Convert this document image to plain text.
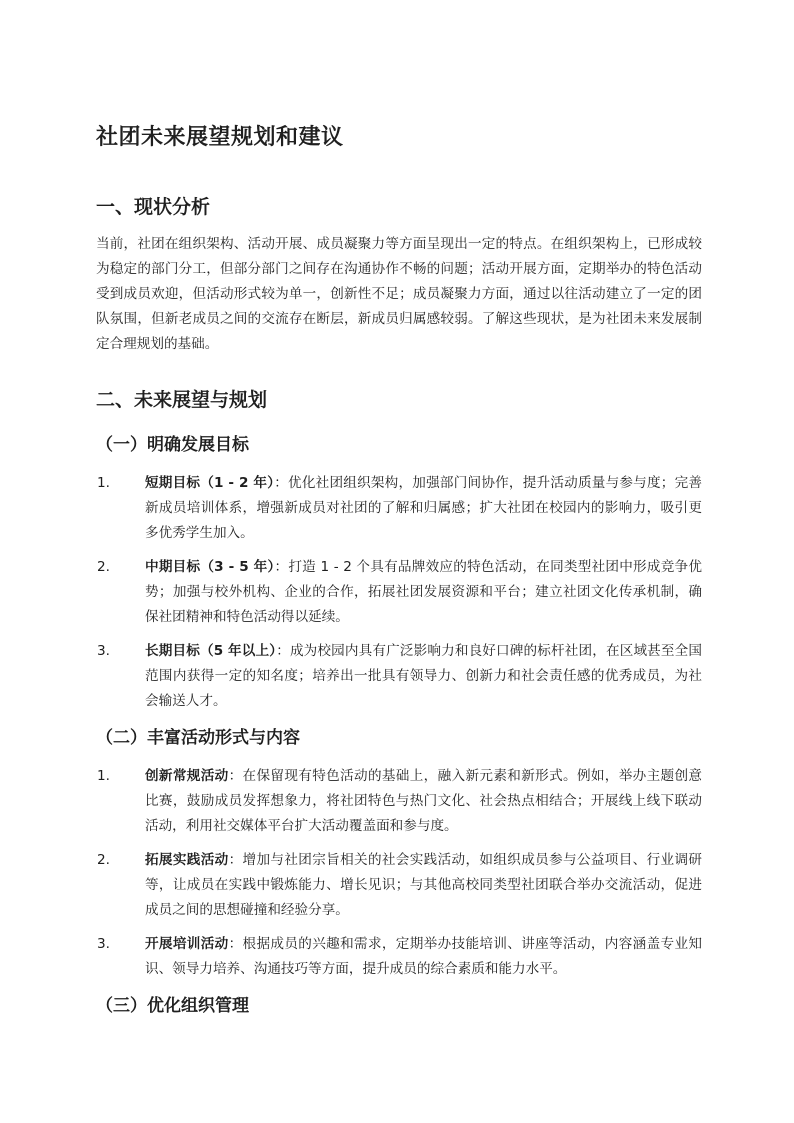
社团未来展望规划和建议
一、现状分析

当前，社团在组织架构、活动开展、成员凝聚力等方面呈现出一定的特点。在组织架构上，已形成较为稳定的部门分工，但部分部门之间存在沟通协作不畅的问题；活动开展方面，定期举办的特色活动受到成员欢迎，但活动形式较为单一，创新性不足；成员凝聚力方面，通过以往活动建立了一定的团队氛围，但新老成员之间的交流存在断层，新成员归属感较弱。了解这些现状，是为社团未来发展制定合理规划的基础。

二、未来展望与规划
（一）明确发展目标
1.	短期目标（1 - 2 年）：优化社团组织架构，加强部门间协作，提升活动质量与参与度；完善新成员培训体系，增强新成员对社团的了解和归属感；扩大社团在校园内的影响力，吸引更多优秀学生加入。
2.	中期目标（3 - 5 年）：打造 1 - 2 个具有品牌效应的特色活动，在同类型社团中形成竞争优势；加强与校外机构、企业的合作，拓展社团发展资源和平台；建立社团文化传承机制，确保社团精神和特色活动得以延续。
3.	长期目标（5 年以上）：成为校园内具有广泛影响力和良好口碑的标杆社团，在区域甚至全国范围内获得一定的知名度；培养出一批具有领导力、创新力和社会责任感的优秀成员，为社会输送人才。
（二）丰富活动形式与内容
1.	创新常规活动：在保留现有特色活动的基础上，融入新元素和新形式。例如，举办主题创意比赛，鼓励成员发挥想象力，将社团特色与热门文化、社会热点相结合；开展线上线下联动活动，利用社交媒体平台扩大活动覆盖面和参与度。
2.	拓展实践活动：增加与社团宗旨相关的社会实践活动，如组织成员参与公益项目、行业调研等，让成员在实践中锻炼能力、增长见识；与其他高校同类型社团联合举办交流活动，促进成员之间的思想碰撞和经验分享。
3.	开展培训活动：根据成员的兴趣和需求，定期举办技能培训、讲座等活动，内容涵盖专业知识、领导力培养、沟通技巧等方面，提升成员的综合素质和能力水平。
（三）优化组织管理
